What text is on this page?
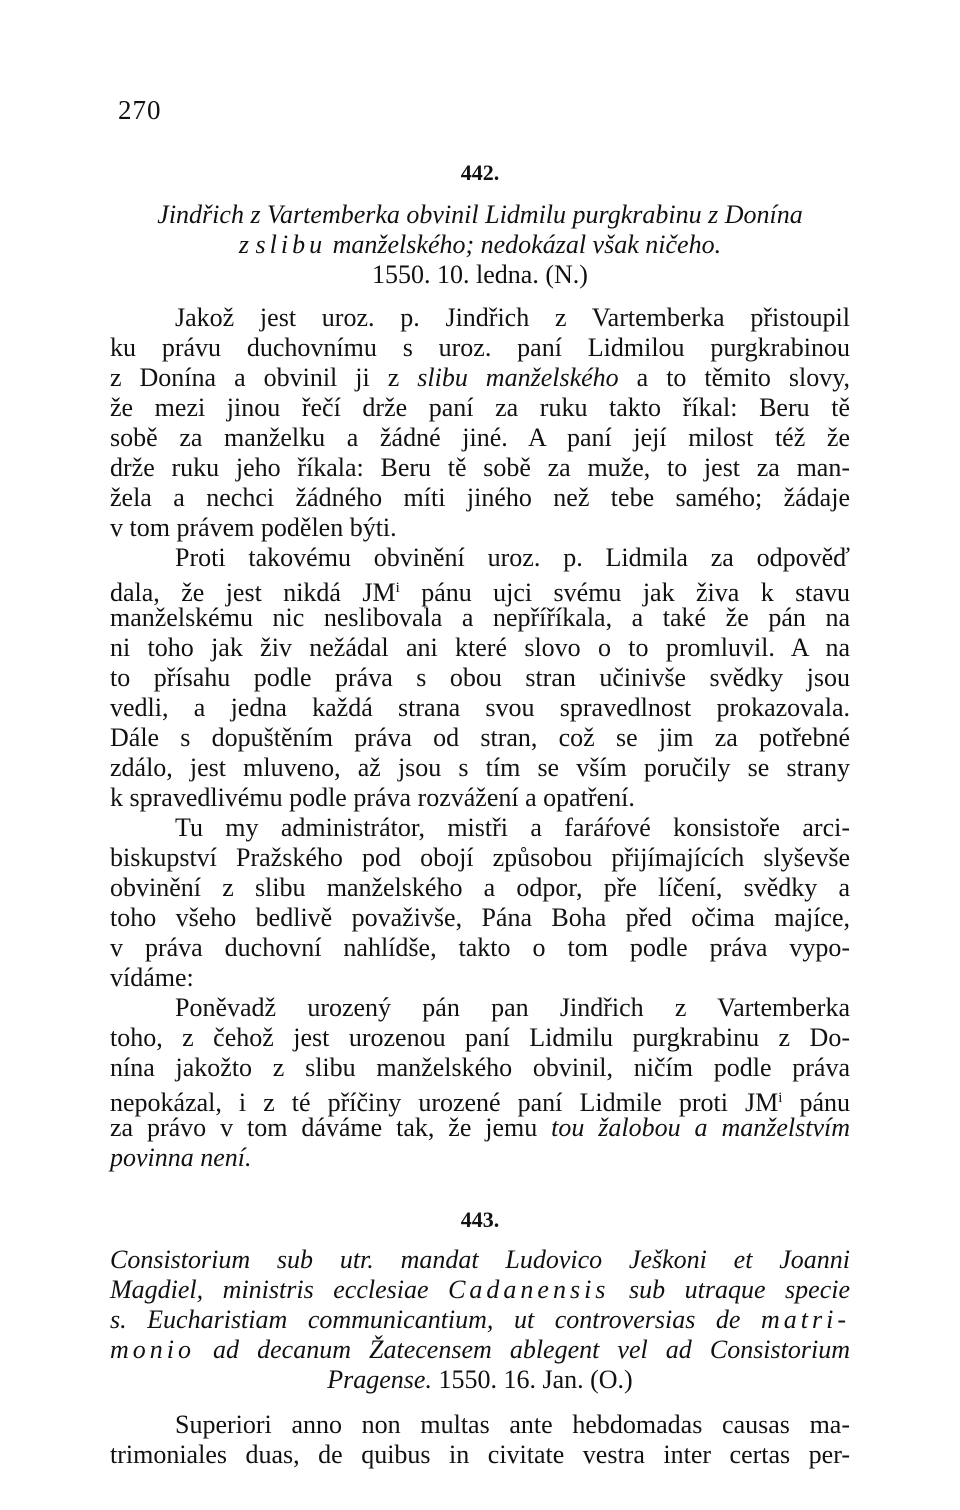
270
442.
Jindřich z Vartemberka obvinil Lidmilu purgkrabinu z Donína
z slibu manželského; nedokázal však ničeho.
1550. 10. ledna. (N.)
Jakož jest uroz. p. Jindřich z Vartemberka přistoupil
ku právu duchovnímu s uroz. paní Lidmilou purgkrabinou
z Donína a obvinil ji z slibu manželského a to těmito slovy,
že mezi jinou řečí drže paní za ruku takto říkal: Beru tě
sobě za manželku a žádné jiné. A paní její milost též že
drže ruku jeho říkala: Beru tě sobě za muže, to jest za man-
žela a nechci žádného míti jiného než tebe samého; žádaje
v tom právem podělen býti.
Proti takovému obvinění uroz. p. Lidmila za odpověď
dala, že jest nikdá $JM^i$ pánu ujci svému jak živa k stavu
manželskému nic neslibovala a nepříříkala, a také že pán na
ni toho jak živ nežádal ani které slovo o to promluvil. A na
to přísahu podle práva s obou stran učinivše svědky jsou
vedli, a jedna každá strana svou spravedlnost prokazovala.
Dále s dopuštěním práva od stran, což se jim za potřebné
zdálo, jest mluveno, až jsou s tím se vším poručily se strany
k spravedlivému podle práva rozvážení a opatření.
Tu my administrátor, mistři a faráŕové konsistoře arci-
biskupství Pražského pod obojí způsobou přijímajících slyševše
obvinění z slibu manželského a odpor, pře líčení, svědky a
toho všeho bedlivě považivše, Pána Boha před očima majíce,
v práva duchovní nahlídše, takto o tom podle práva vypo-
vídáme:
Poněvadž urozený pán pan Jindřich z Vartemberka
toho, z čehož jest urozenou paní Lidmilu purgkrabinu z Do-
nína jakožto z slibu manželského obvinil, ničím podle práva
nepokázal, i z té příčiny urozené paní Lidmile proti $JM^i$ pánu
za právo v tom dáváme tak, že jemu tou žalobou a manželstvím
povinna není.
443.
Consistorium sub utr. mandat Ludovico Ješkoni et Joanni
Magdiel, ministris ecclesiae Cadanensis sub utraque specie
s. Eucharistiam communicantium, ut controversias de matri-
monio ad decanum Žatecensem ablegent vel ad Consistorium
Pragense. 1550. 16. Jan. (O.)
Superiori anno non multas ante hebdomadas causas ma-
trimoniales duas, de quibus in civitate vestra inter certas per-
